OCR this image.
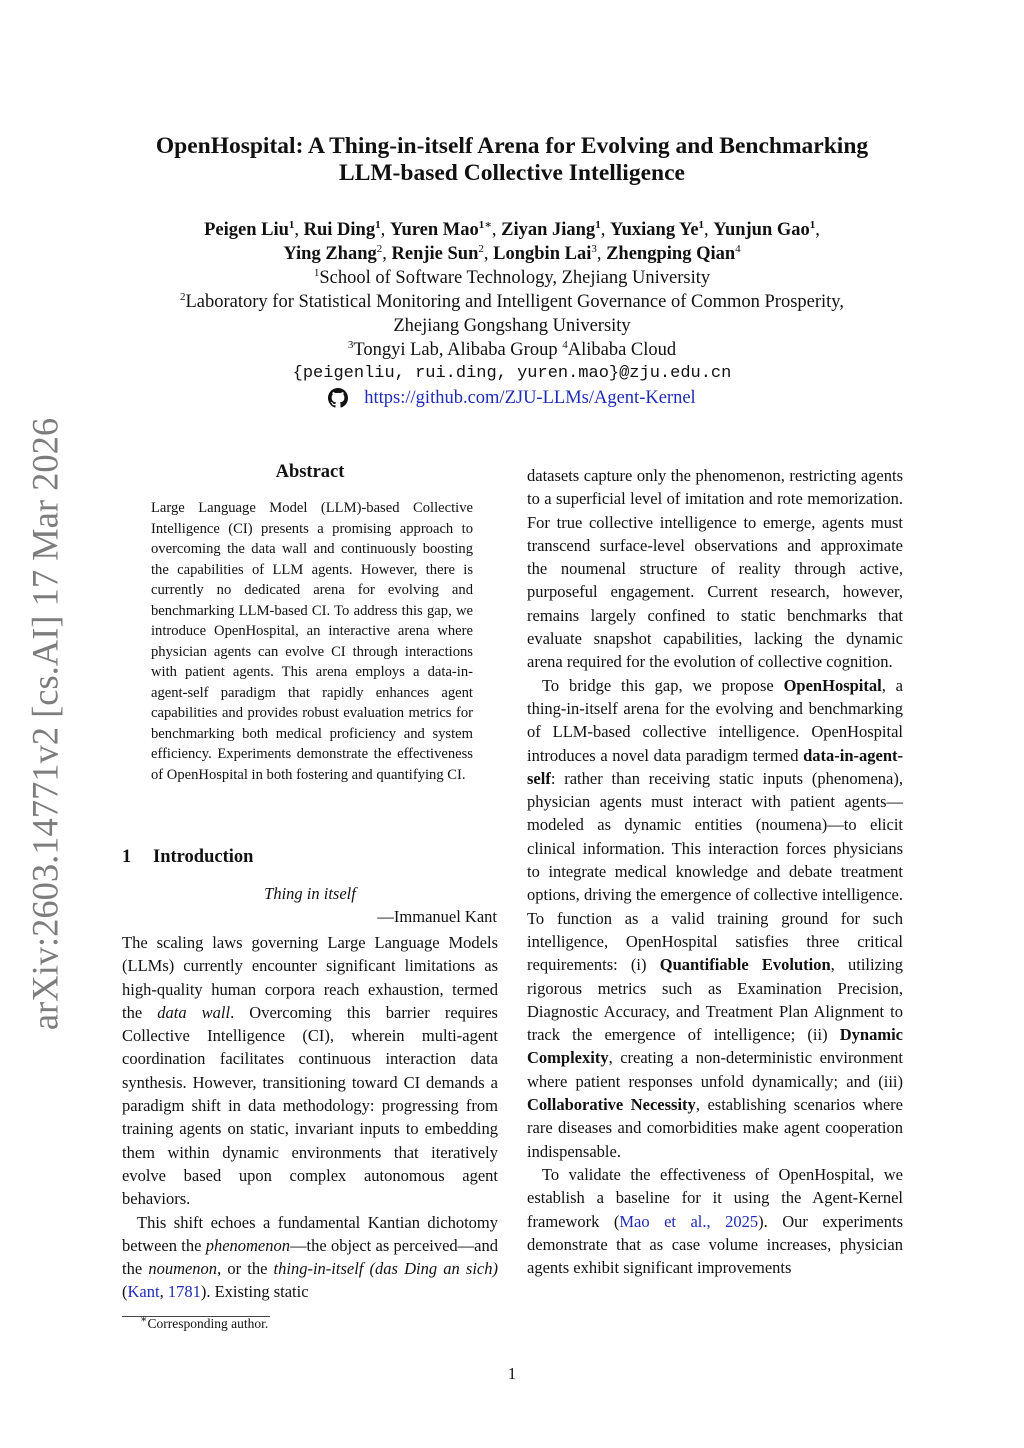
arXiv:2603.14771v2 [cs.AI] 17 Mar 2026
OpenHospital: A Thing-in-itself Arena for Evolving and Benchmarking
LLM-based Collective Intelligence
Peigen Liu$^1$, Rui Ding$^1$, Yuren Mao$^{1∗}$, Ziyan Jiang$^1$, Yuxiang Ye$^1$, Yunjun Gao$^1$,
Ying Zhang$^2$, Renjie Sun$^2$, Longbin Lai$^3$, Zhengping Qian$^4$
$^1$School of Software Technology, Zhejiang University
$^2$Laboratory for Statistical Monitoring and Intelligent Governance of Common Prosperity,
Zhejiang Gongshang University
$^3$Tongyi Lab, Alibaba Group $^4$Alibaba Cloud
{peigenliu, rui.ding, yuren.mao}@zju.edu.cn
https://github.com/ZJU-LLMs/Agent-Kernel
Abstract
Large Language Model (LLM)-based Collective Intelligence (CI) presents a promising approach to overcoming the data wall and continuously boosting the capabilities of LLM agents. However, there is currently no dedicated arena for evolving and benchmarking LLM-based CI. To address this gap, we introduce OpenHospital, an interactive arena where physician agents can evolve CI through interactions with patient agents. This arena employs a data-in-agent-self paradigm that rapidly enhances agent capabilities and provides robust evaluation metrics for benchmarking both medical proficiency and system efficiency. Experiments demonstrate the effectiveness of OpenHospital in both fostering and quantifying CI.
1 Introduction
Thing in itself
—Immanuel Kant

The scaling laws governing Large Language Models (LLMs) currently encounter significant limitations as high-quality human corpora reach exhaustion, termed the data wall. Overcoming this barrier requires Collective Intelligence (CI), wherein multi-agent coordination facilitates continuous interaction data synthesis. However, transitioning toward CI demands a paradigm shift in data methodology: progressing from training agents on static, invariant inputs to embedding them within dynamic environments that iteratively evolve based upon complex autonomous agent behaviors.

This shift echoes a fundamental Kantian dichotomy between the phenomenon—the object as perceived—and the noumenon, or the thing-in-itself (das Ding an sich) (Kant, 1781). Existing static

∗Corresponding author.

datasets capture only the phenomenon, restricting agents to a superficial level of imitation and rote memorization. For true collective intelligence to emerge, agents must transcend surface-level observations and approximate the noumenal structure of reality through active, purposeful engagement. Current research, however, remains largely confined to static benchmarks that evaluate snapshot capabilities, lacking the dynamic arena required for the evolution of collective cognition.

To bridge this gap, we propose OpenHospital, a thing-in-itself arena for the evolving and benchmarking of LLM-based collective intelligence. OpenHospital introduces a novel data paradigm termed data-in-agent-self: rather than receiving static inputs (phenomena), physician agents must interact with patient agents—modeled as dynamic entities (noumena)—to elicit clinical information. This interaction forces physicians to integrate medical knowledge and debate treatment options, driving the emergence of collective intelligence. To function as a valid training ground for such intelligence, OpenHospital satisfies three critical requirements: (i) Quantifiable Evolution, utilizing rigorous metrics such as Examination Precision, Diagnostic Accuracy, and Treatment Plan Alignment to track the emergence of intelligence; (ii) Dynamic Complexity, creating a non-deterministic environment where patient responses unfold dynamically; and (iii) Collaborative Necessity, establishing scenarios where rare diseases and comorbidities make agent cooperation indispensable.

To validate the effectiveness of OpenHospital, we establish a baseline for it using the Agent-Kernel framework (Mao et al., 2025). Our experiments demonstrate that as case volume increases, physician agents exhibit significant improvements

1
